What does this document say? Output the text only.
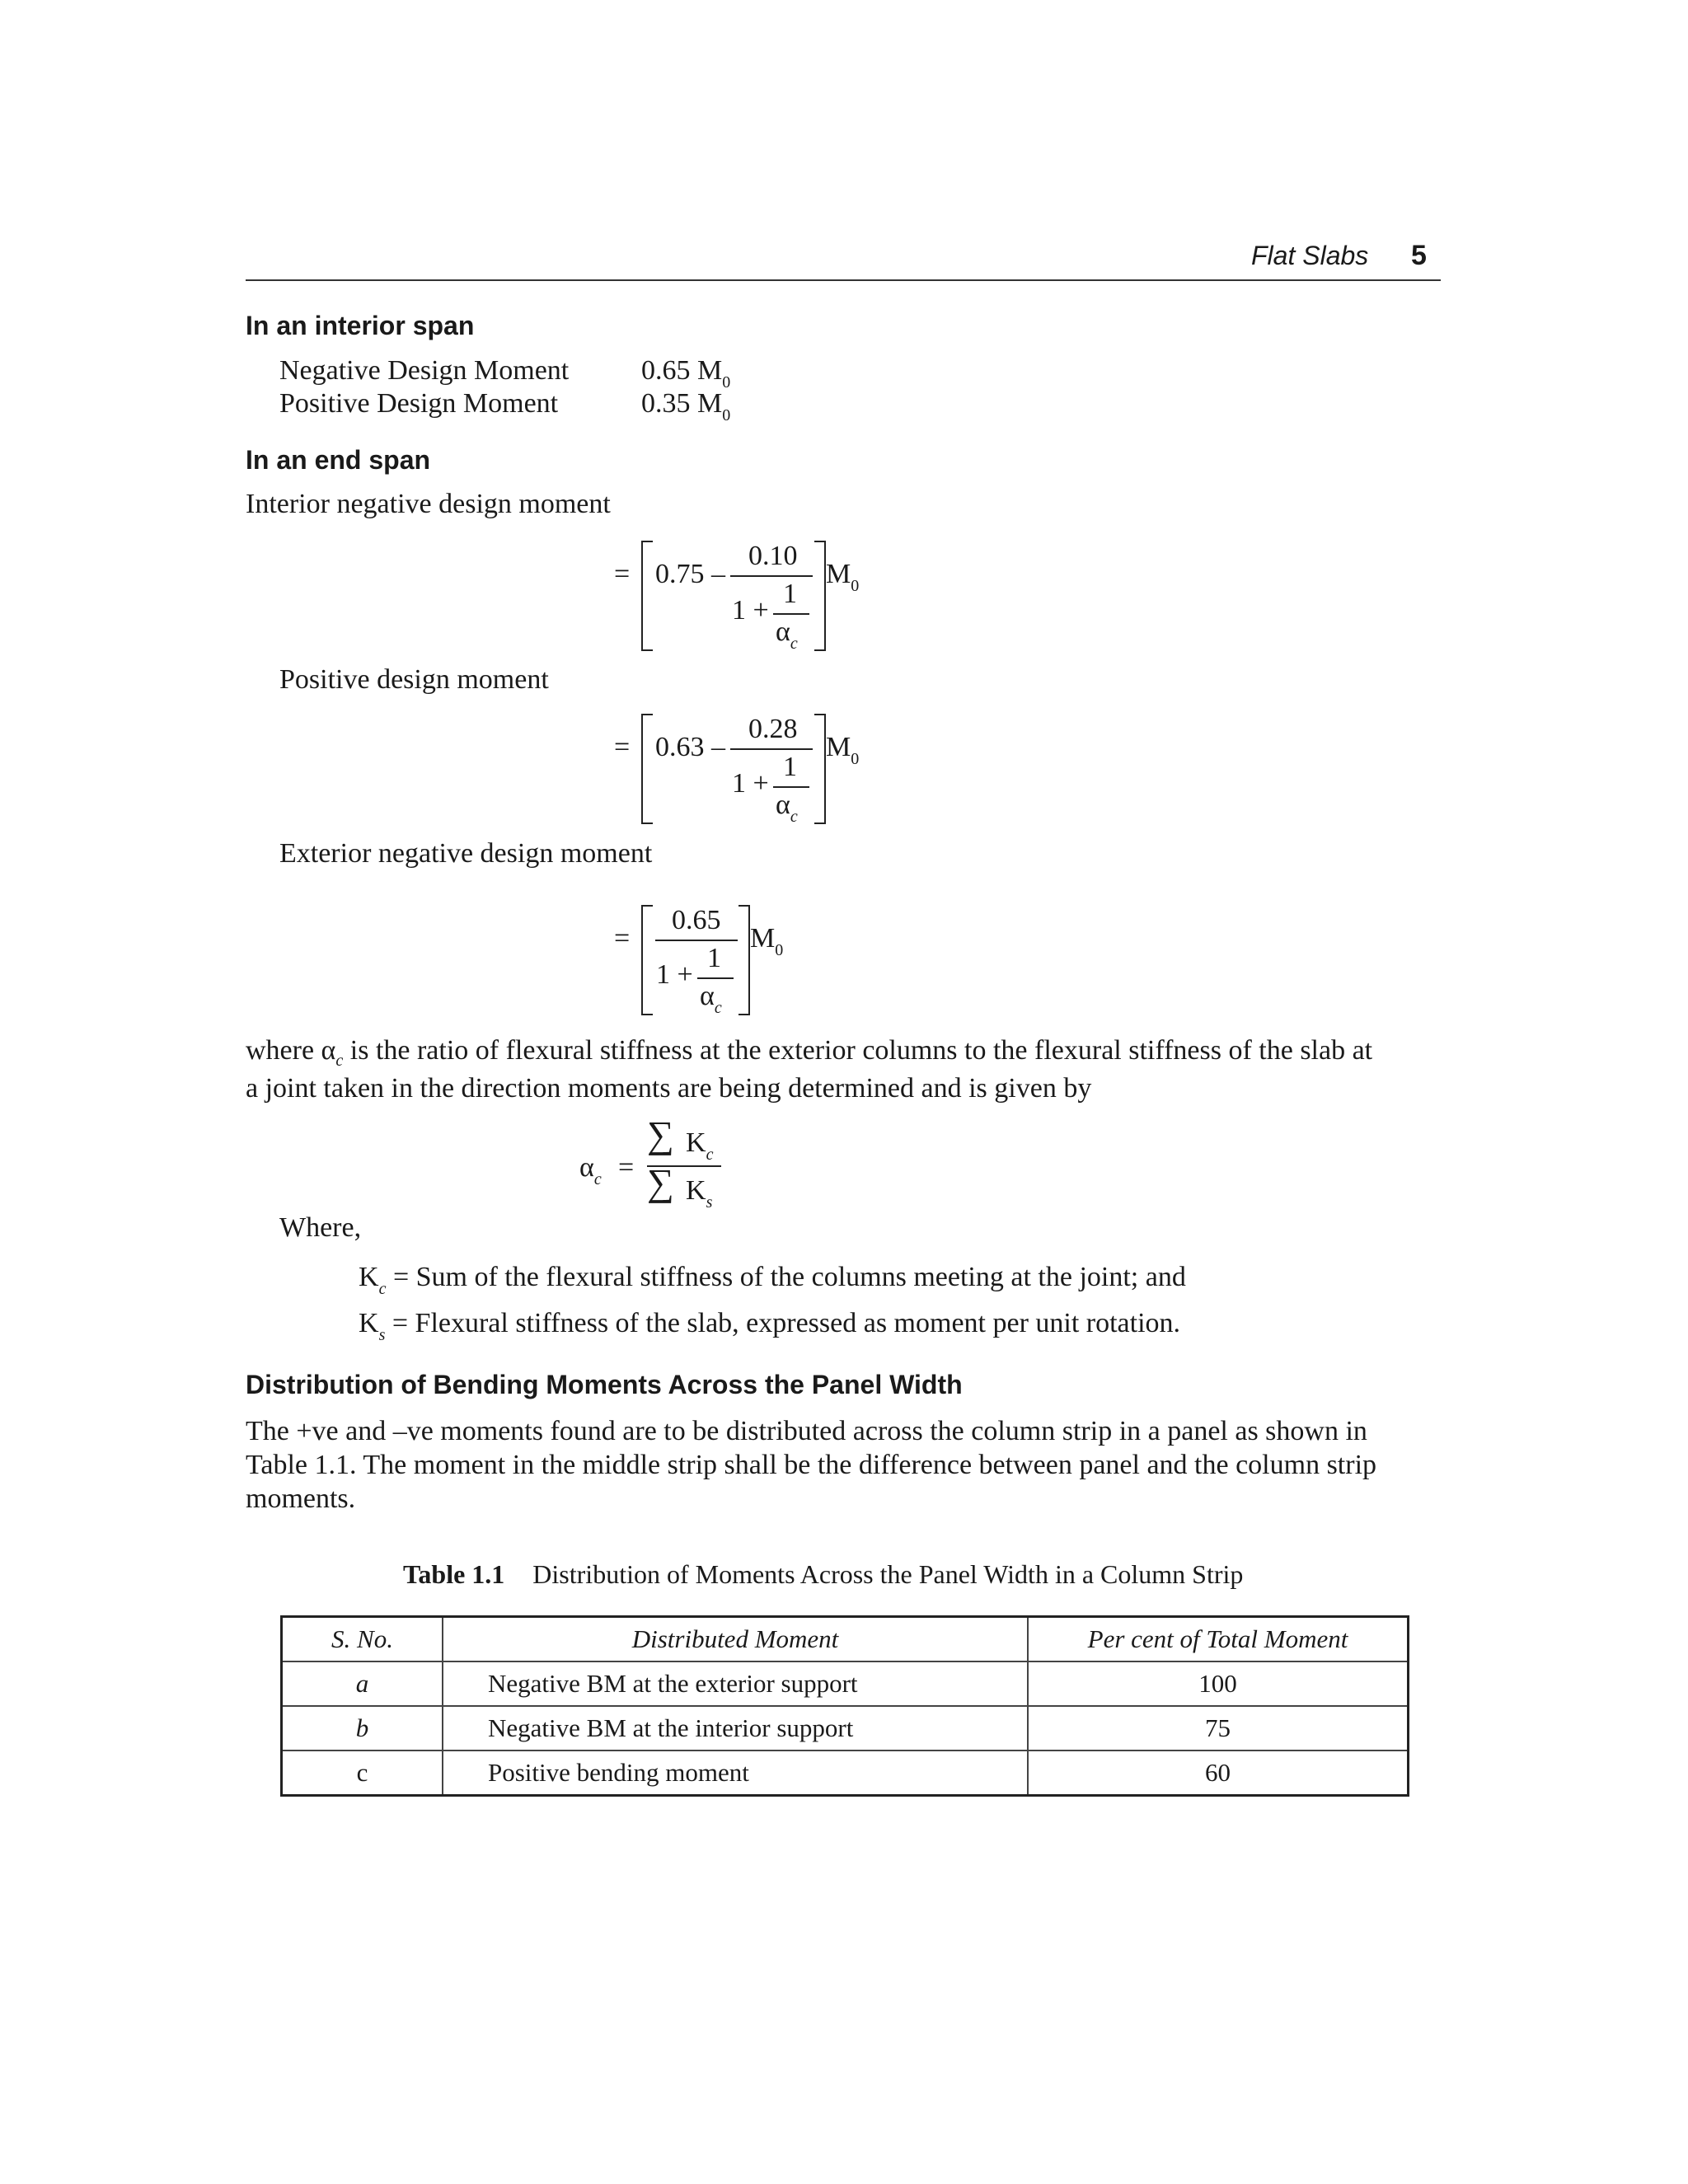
Flat Slabs 5
In an interior span
Negative Design Moment	0.65 $M_0$
Positive Design Moment	0.35 $M_0$
In an end span
Interior negative design moment
= 0.75 –
0.10
1
1 +
$\alpha_c$
$M_0$
Positive design moment
= 0.63 –
0.28
1
1 +
$\alpha_c$
$M_0$
Exterior negative design moment
=
0.65
1
1 +
$\alpha_c$
$M_0$
where $\alpha_c$ is the ratio of flexural stiffness at the exterior columns to the flexural stiffness of the slab at
a joint taken in the direction moments are being determined and is given by
$\alpha_c$ =
∑ $K_c$
∑ $K_s$
Where,
$K_c$ = Sum of the flexural stiffness of the columns meeting at the joint; and
$K_s$ = Flexural stiffness of the slab, expressed as moment per unit rotation.
Distribution of Bending Moments Across the Panel Width
The +ve and –ve moments found are to be distributed across the column strip in a panel as shown in
Table 1.1. The moment in the middle strip shall be the difference between panel and the column strip
moments.
Table 1.1 Distribution of Moments Across the Panel Width in a Column Strip
S. No.	Distributed Moment	Per cent of Total Moment
a	Negative BM at the exterior support	100
b	Negative BM at the interior support	75
c	Positive bending moment	60
